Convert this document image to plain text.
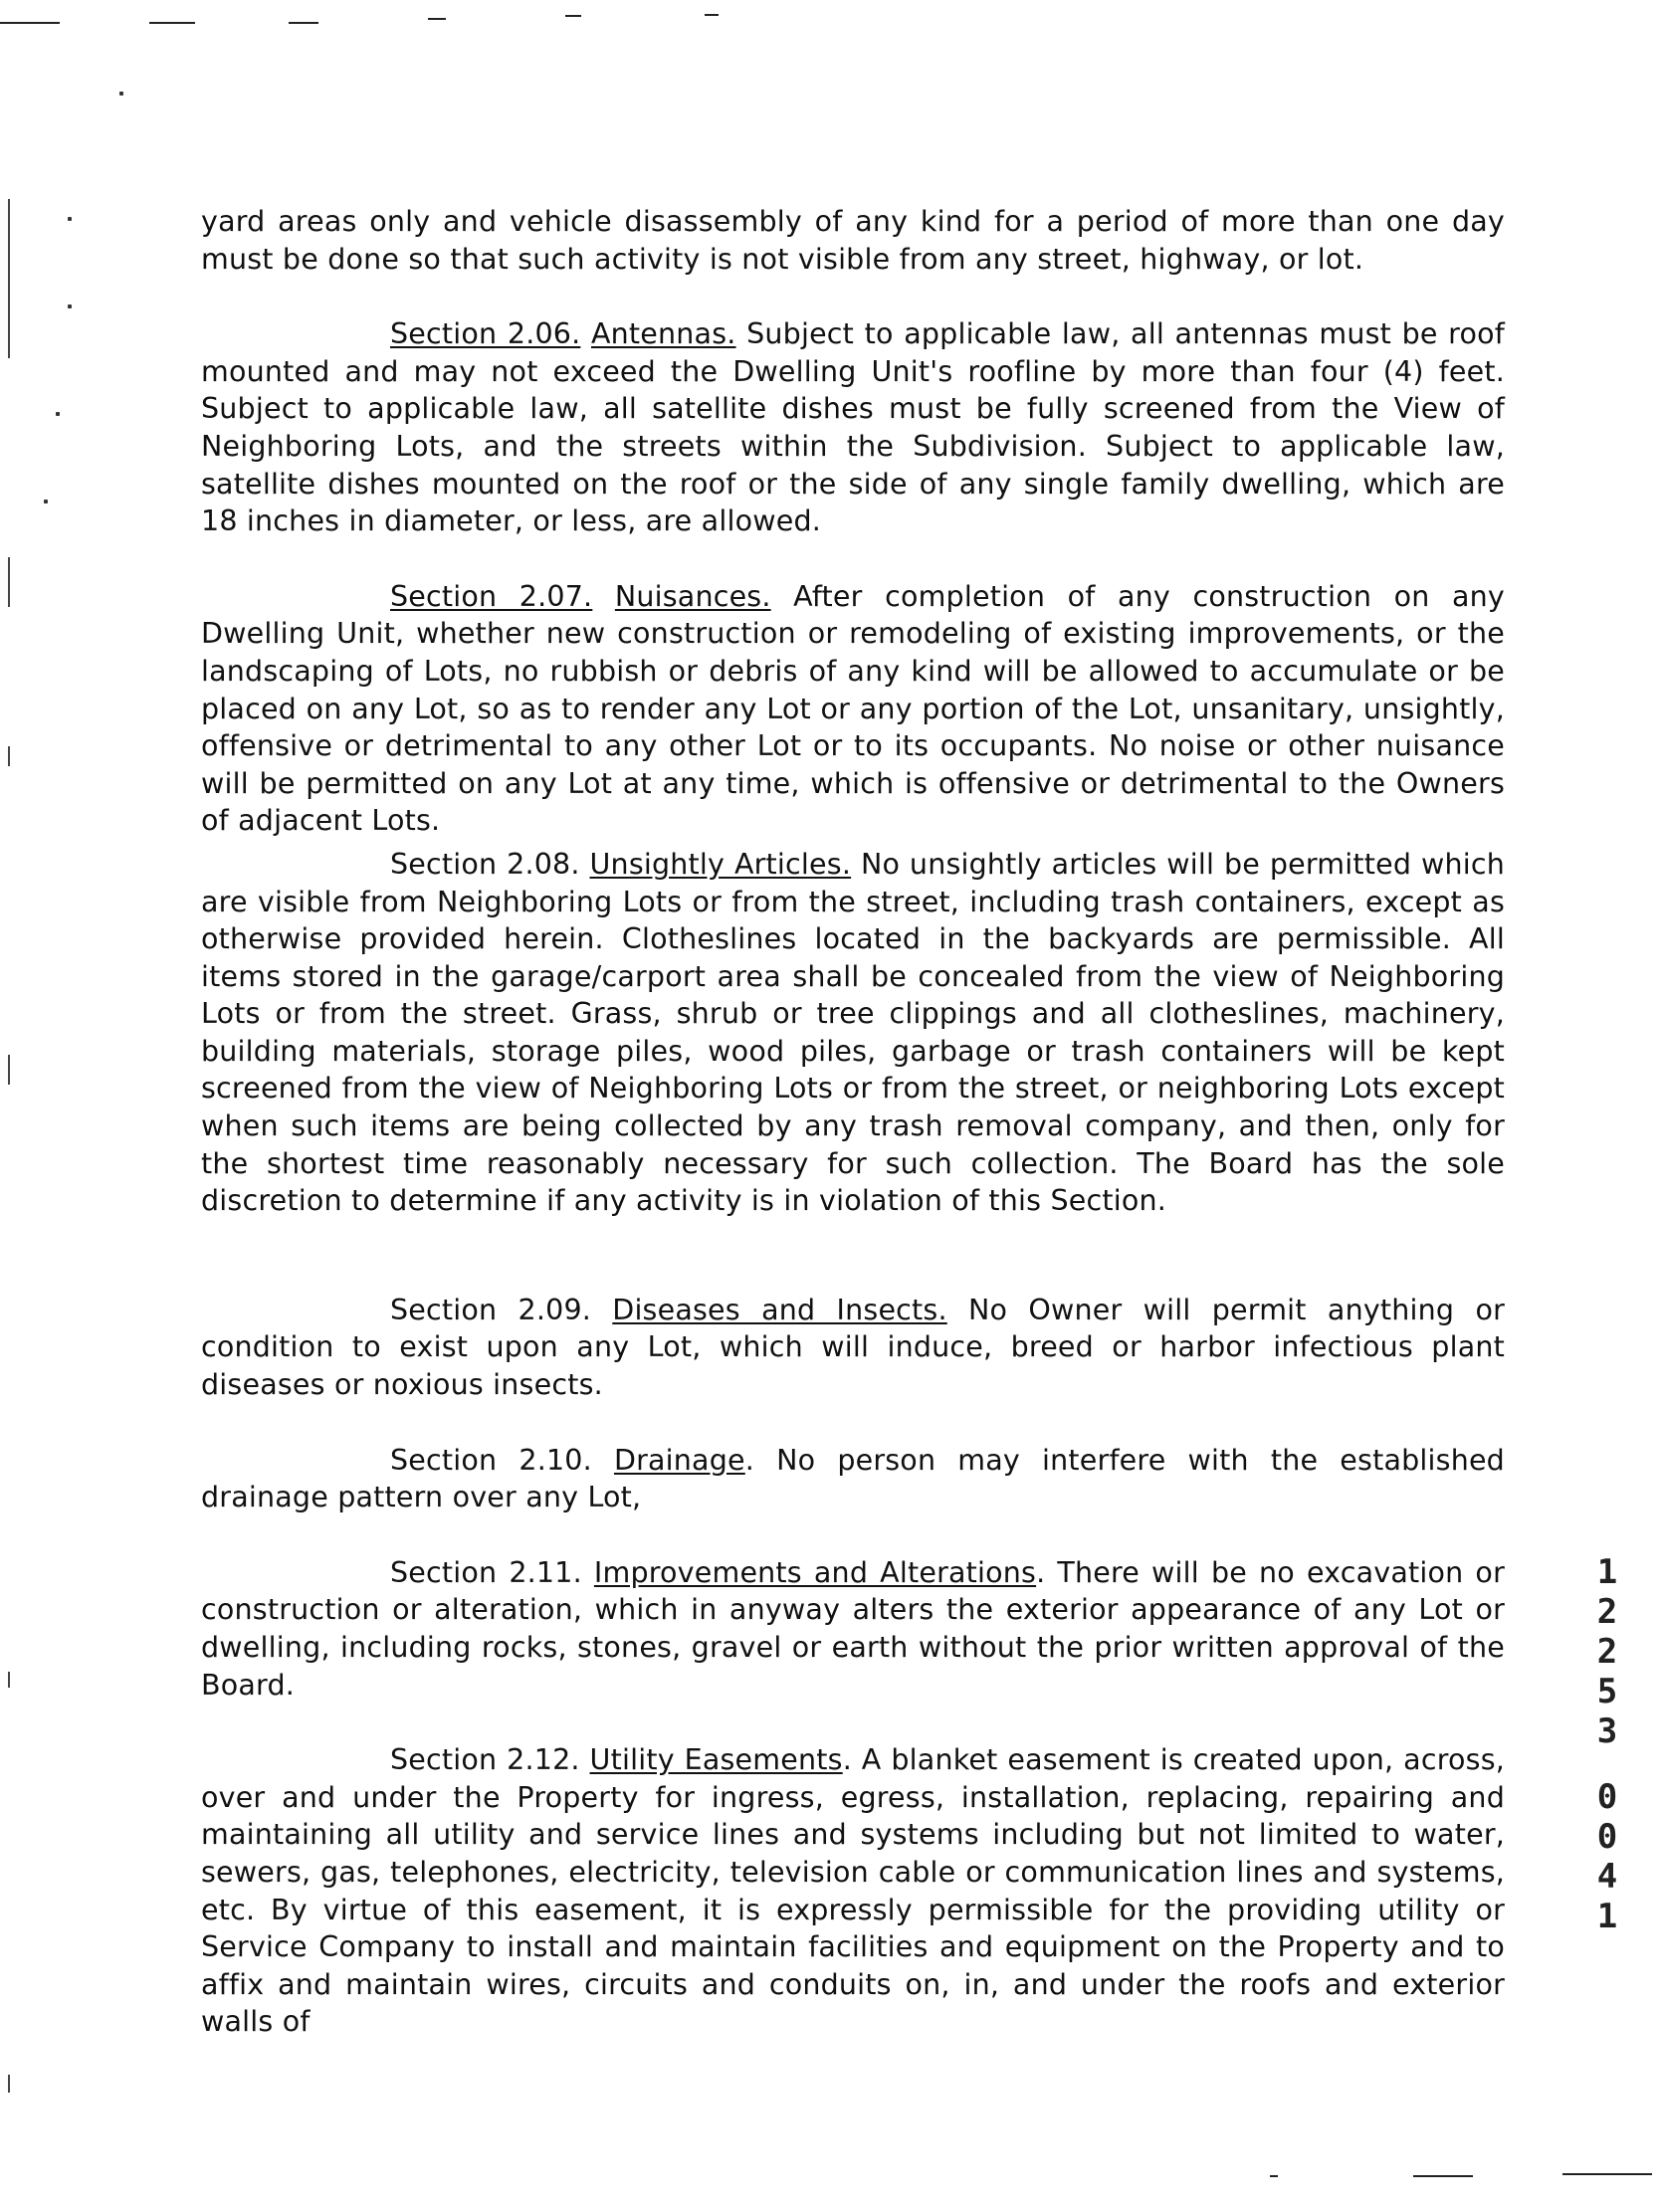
yard areas only and vehicle disassembly of any kind for a period of more than one day must be done so that such activity is not visible from any street, highway, or lot.

Section 2.06. Antennas. Subject to applicable law, all antennas must be roof mounted and may not exceed the Dwelling Unit's roofline by more than four (4) feet. Subject to applicable law, all satellite dishes must be fully screened from the View of Neighboring Lots, and the streets within the Subdivision. Subject to applicable law, satellite dishes mounted on the roof or the side of any single family dwelling, which are 18 inches in diameter, or less, are allowed.

Section 2.07. Nuisances. After completion of any construction on any Dwelling Unit, whether new construction or remodeling of existing improvements, or the landscaping of Lots, no rubbish or debris of any kind will be allowed to accumulate or be placed on any Lot, so as to render any Lot or any portion of the Lot, unsanitary, unsightly, offensive or detrimental to any other Lot or to its occupants. No noise or other nuisance will be permitted on any Lot at any time, which is offensive or detrimental to the Owners of adjacent Lots.

Section 2.08. Unsightly Articles. No unsightly articles will be permitted which are visible from Neighboring Lots or from the street, including trash containers, except as otherwise provided herein. Clotheslines located in the backyards are permissible. All items stored in the garage/carport area shall be concealed from the view of Neighboring Lots or from the street. Grass, shrub or tree clippings and all clotheslines, machinery, building materials, storage piles, wood piles, garbage or trash containers will be kept screened from the view of Neighboring Lots or from the street, or neighboring Lots except when such items are being collected by any trash removal company, and then, only for the shortest time reasonably necessary for such collection. The Board has the sole discretion to determine if any activity is in violation of this Section.

Section 2.09. Diseases and Insects. No Owner will permit anything or condition to exist upon any Lot, which will induce, breed or harbor infectious plant diseases or noxious insects.

Section 2.10. Drainage. No person may interfere with the established drainage pattern over any Lot,

Section 2.11. Improvements and Alterations. There will be no excavation or construction or alteration, which in anyway alters the exterior appearance of any Lot or dwelling, including rocks, stones, gravel or earth without the prior written approval of the Board.

Section 2.12. Utility Easements. A blanket easement is created upon, across, over and under the Property for ingress, egress, installation, replacing, repairing and maintaining all utility and service lines and systems including but not limited to water, sewers, gas, telephones, electricity, television cable or communication lines and systems, etc. By virtue of this easement, it is expressly permissible for the providing utility or Service Company to install and maintain facilities and equipment on the Property and to affix and maintain wires, circuits and conduits on, in, and under the roofs and exterior walls of

1
2
2
5
3
0
0
4
1
